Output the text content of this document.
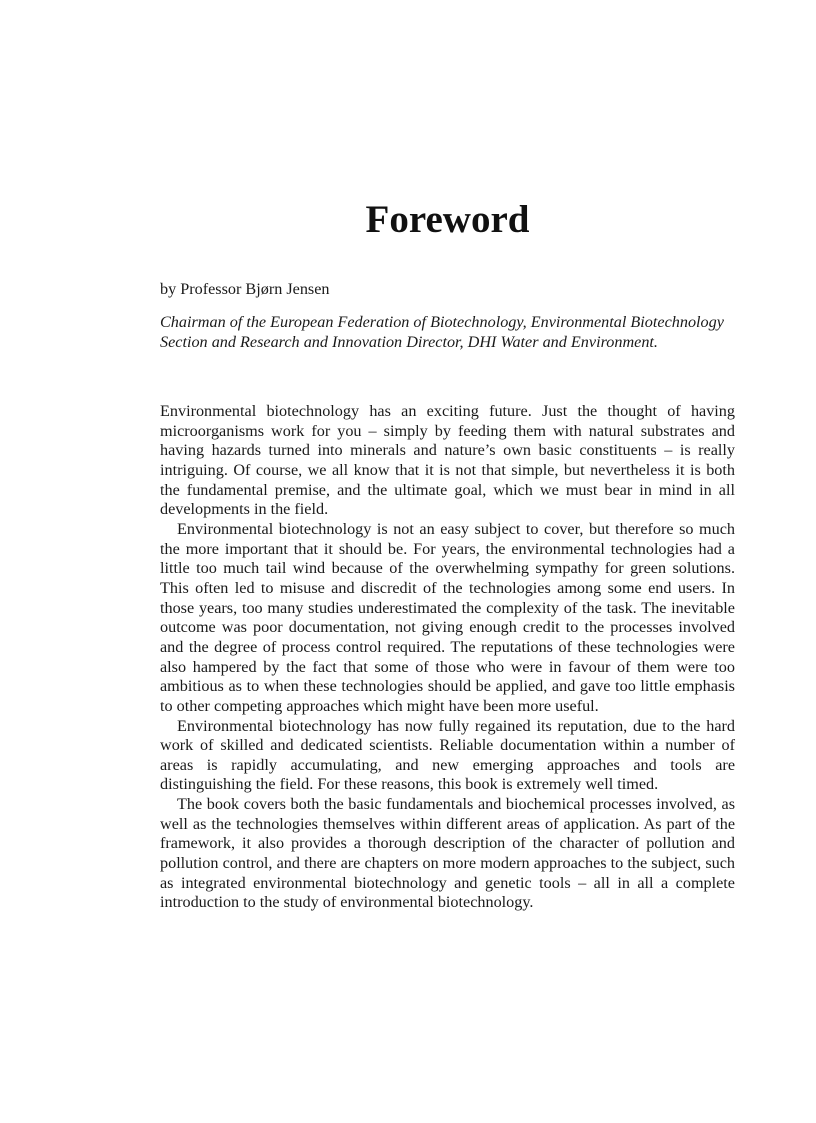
Foreword

by Professor Bjørn Jensen

Chairman of the European Federation of Biotechnology, Environmental Biotechnology Section and Research and Innovation Director, DHI Water and Environment.

Environmental biotechnology has an exciting future. Just the thought of having microorganisms work for you – simply by feeding them with natural substrates and having hazards turned into minerals and nature’s own basic constituents – is really intriguing. Of course, we all know that it is not that simple, but nevertheless it is both the fundamental premise, and the ultimate goal, which we must bear in mind in all developments in the field.

Environmental biotechnology is not an easy subject to cover, but therefore so much the more important that it should be. For years, the environmental technologies had a little too much tail wind because of the overwhelming sympathy for green solutions. This often led to misuse and discredit of the technologies among some end users. In those years, too many studies underestimated the complexity of the task. The inevitable outcome was poor documentation, not giving enough credit to the processes involved and the degree of process control required. The reputations of these technologies were also hampered by the fact that some of those who were in favour of them were too ambitious as to when these technologies should be applied, and gave too little emphasis to other competing approaches which might have been more useful.

Environmental biotechnology has now fully regained its reputation, due to the hard work of skilled and dedicated scientists. Reliable documentation within a number of areas is rapidly accumulating, and new emerging approaches and tools are distinguishing the field. For these reasons, this book is extremely well timed.

The book covers both the basic fundamentals and biochemical processes involved, as well as the technologies themselves within different areas of application. As part of the framework, it also provides a thorough description of the character of pollution and pollution control, and there are chapters on more modern approaches to the subject, such as integrated environmental biotechnology and genetic tools – all in all a complete introduction to the study of environmental biotechnology.
